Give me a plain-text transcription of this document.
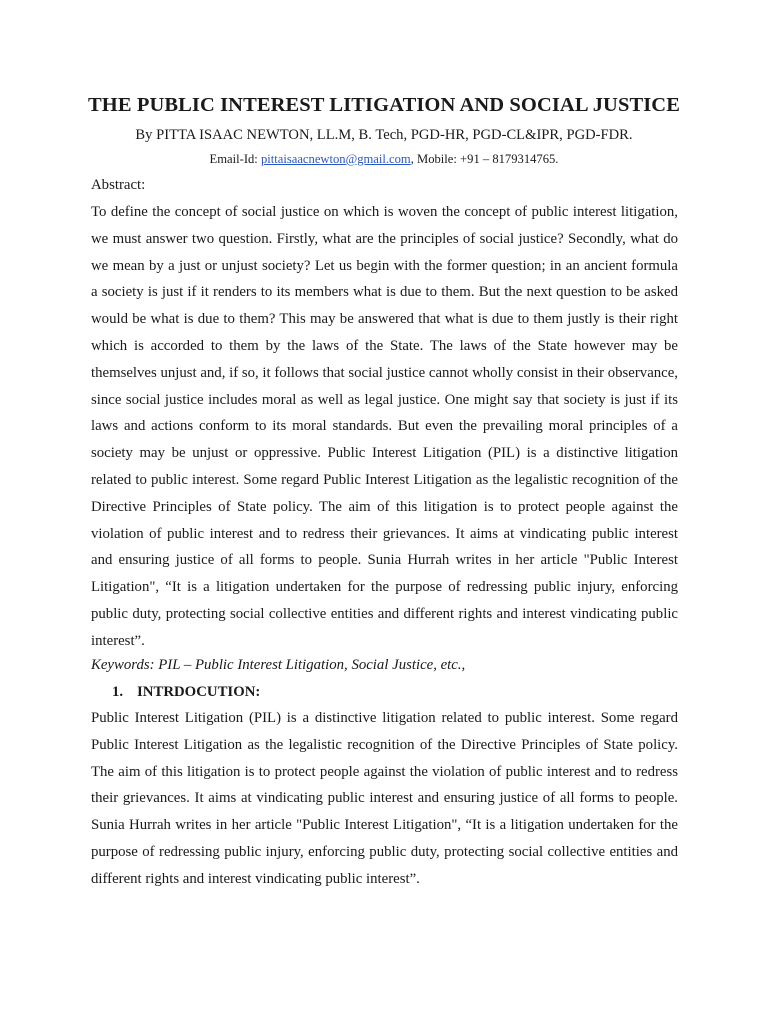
THE PUBLIC INTEREST LITIGATION AND SOCIAL JUSTICE
By PITTA ISAAC NEWTON, LL.M, B. Tech, PGD-HR, PGD-CL&IPR, PGD-FDR.
Email-Id: pittaisaacnewton@gmail.com, Mobile: +91 – 8179314765.
Abstract:
To define the concept of social justice on which is woven the concept of public interest litigation,
we must answer two question. Firstly, what are the principles of social justice? Secondly, what do
we mean by a just or unjust society? Let us begin with the former question; in an ancient formula
a society is just if it renders to its members what is due to them. But the next question to be asked
would be what is due to them? This may be answered that what is due to them justly is their right
which is accorded to them by the laws of the State. The laws of the State however may be
themselves unjust and, if so, it follows that social justice cannot wholly consist in their observance,
since social justice includes moral as well as legal justice. One might say that society is just if its
laws and actions conform to its moral standards. But even the prevailing moral principles of a
society may be unjust or oppressive. Public Interest Litigation (PIL) is a distinctive litigation
related to public interest. Some regard Public Interest Litigation as the legalistic recognition of the
Directive Principles of State policy. The aim of this litigation is to protect people against the
violation of public interest and to redress their grievances. It aims at vindicating public interest
and ensuring justice of all forms to people. Sunia Hurrah writes in her article "Public Interest
Litigation", “It is a litigation undertaken for the purpose of redressing public injury, enforcing
public duty, protecting social collective entities and different rights and interest vindicating public
interest”.
Keywords: PIL – Public Interest Litigation, Social Justice, etc.,
1. INTRDOCUTION:
Public Interest Litigation (PIL) is a distinctive litigation related to public interest. Some regard
Public Interest Litigation as the legalistic recognition of the Directive Principles of State policy.
The aim of this litigation is to protect people against the violation of public interest and to redress
their grievances. It aims at vindicating public interest and ensuring justice of all forms to people.
Sunia Hurrah writes in her article "Public Interest Litigation", “It is a litigation undertaken for the
purpose of redressing public injury, enforcing public duty, protecting social collective entities and
different rights and interest vindicating public interest”.
